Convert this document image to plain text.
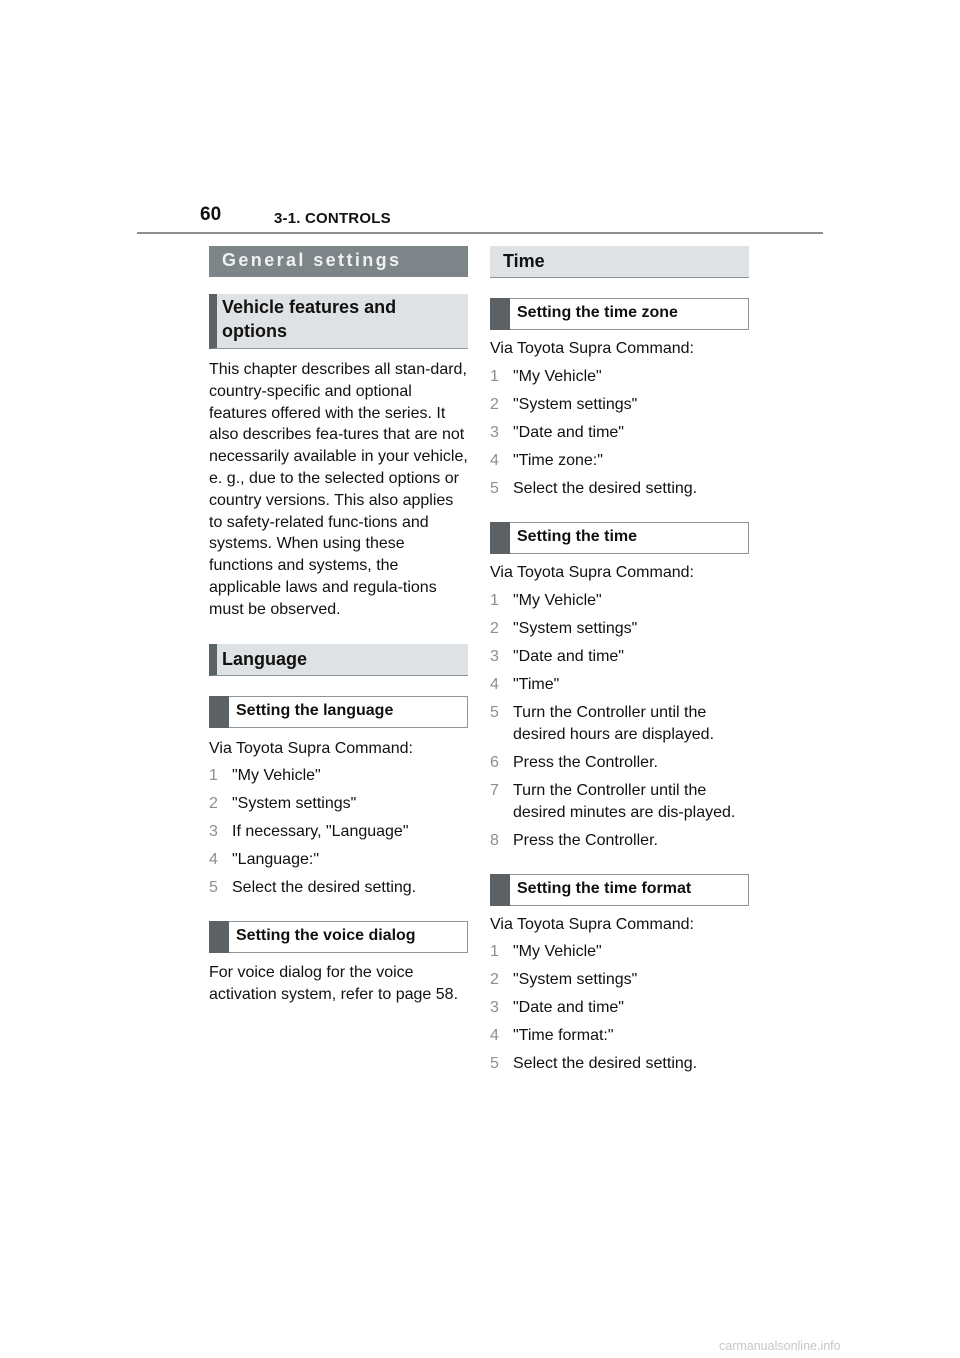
60	3-1. CONTROLS
General settings
Vehicle features and options

This chapter describes all stan-dard, country-specific and optional features offered with the series. It also describes fea-tures that are not necessarily available in your vehicle, e. g., due to the selected options or country versions. This also applies to safety-related func-tions and systems. When using these functions and systems, the applicable laws and regula-tions must be observed.

Language
Setting the language

Via Toyota Supra Command:

1 "My Vehicle"
2 "System settings"
3 If necessary, "Language"
4 "Language:"
5 Select the desired setting.
Setting the voice dialog

For voice dialog for the voice activation system, refer to page 58.

Time
Setting the time zone

Via Toyota Supra Command:

1 "My Vehicle"
2 "System settings"
3 "Date and time"
4 "Time zone:"
5 Select the desired setting.
Setting the time

Via Toyota Supra Command:

1 "My Vehicle"
2 "System settings"
3 "Date and time"
4 "Time"
5 Turn the Controller until the desired hours are displayed.
6 Press the Controller.
7 Turn the Controller until the desired minutes are dis-played.
8 Press the Controller.
Setting the time format

Via Toyota Supra Command:

1 "My Vehicle"
2 "System settings"
3 "Date and time"
4 "Time format:"
5 Select the desired setting.
carmanualsonline.info
